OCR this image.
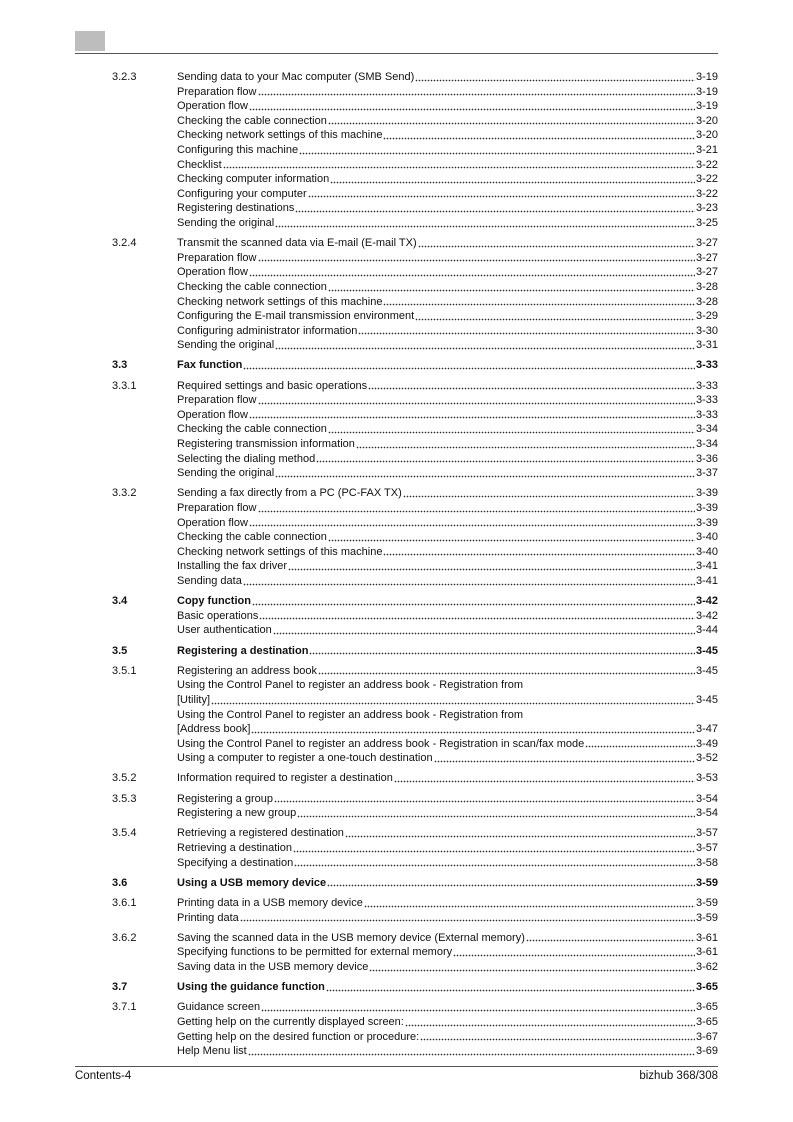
3.2.3	Sending data to your Mac computer (SMB Send)	3-19
Preparation flow	3-19
Operation flow	3-19
Checking the cable connection	3-20
Checking network settings of this machine	3-20
Configuring this machine	3-21
Checklist	3-22
Checking computer information	3-22
Configuring your computer	3-22
Registering destinations	3-23
Sending the original	3-25
3.2.4	Transmit the scanned data via E-mail (E-mail TX)	3-27
Preparation flow	3-27
Operation flow	3-27
Checking the cable connection	3-28
Checking network settings of this machine	3-28
Configuring the E-mail transmission environment	3-29
Configuring administrator information	3-30
Sending the original	3-31
3.3	Fax function	3-33
3.3.1	Required settings and basic operations	3-33
Preparation flow	3-33
Operation flow	3-33
Checking the cable connection	3-34
Registering transmission information	3-34
Selecting the dialing method	3-36
Sending the original	3-37
3.3.2	Sending a fax directly from a PC (PC-FAX TX)	3-39
Preparation flow	3-39
Operation flow	3-39
Checking the cable connection	3-40
Checking network settings of this machine	3-40
Installing the fax driver	3-41
Sending data	3-41
3.4	Copy function	3-42
Basic operations	3-42
User authentication	3-44
3.5	Registering a destination	3-45
3.5.1	Registering an address book	3-45
Using the Control Panel to register an address book - Registration from
[Utility]	3-45
Using the Control Panel to register an address book - Registration from
[Address book]	3-47
Using the Control Panel to register an address book - Registration in scan/fax mode	3-49
Using a computer to register a one-touch destination	3-52
3.5.2	Information required to register a destination	3-53
3.5.3	Registering a group	3-54
Registering a new group	3-54
3.5.4	Retrieving a registered destination	3-57
Retrieving a destination	3-57
Specifying a destination	3-58
3.6	Using a USB memory device	3-59
3.6.1	Printing data in a USB memory device	3-59
Printing data	3-59
3.6.2	Saving the scanned data in the USB memory device (External memory)	3-61
Specifying functions to be permitted for external memory	3-61
Saving data in the USB memory device	3-62
3.7	Using the guidance function	3-65
3.7.1	Guidance screen	3-65
Getting help on the currently displayed screen:	3-65
Getting help on the desired function or procedure:	3-67
Help Menu list	3-69
Contents-4	bizhub 368/308
